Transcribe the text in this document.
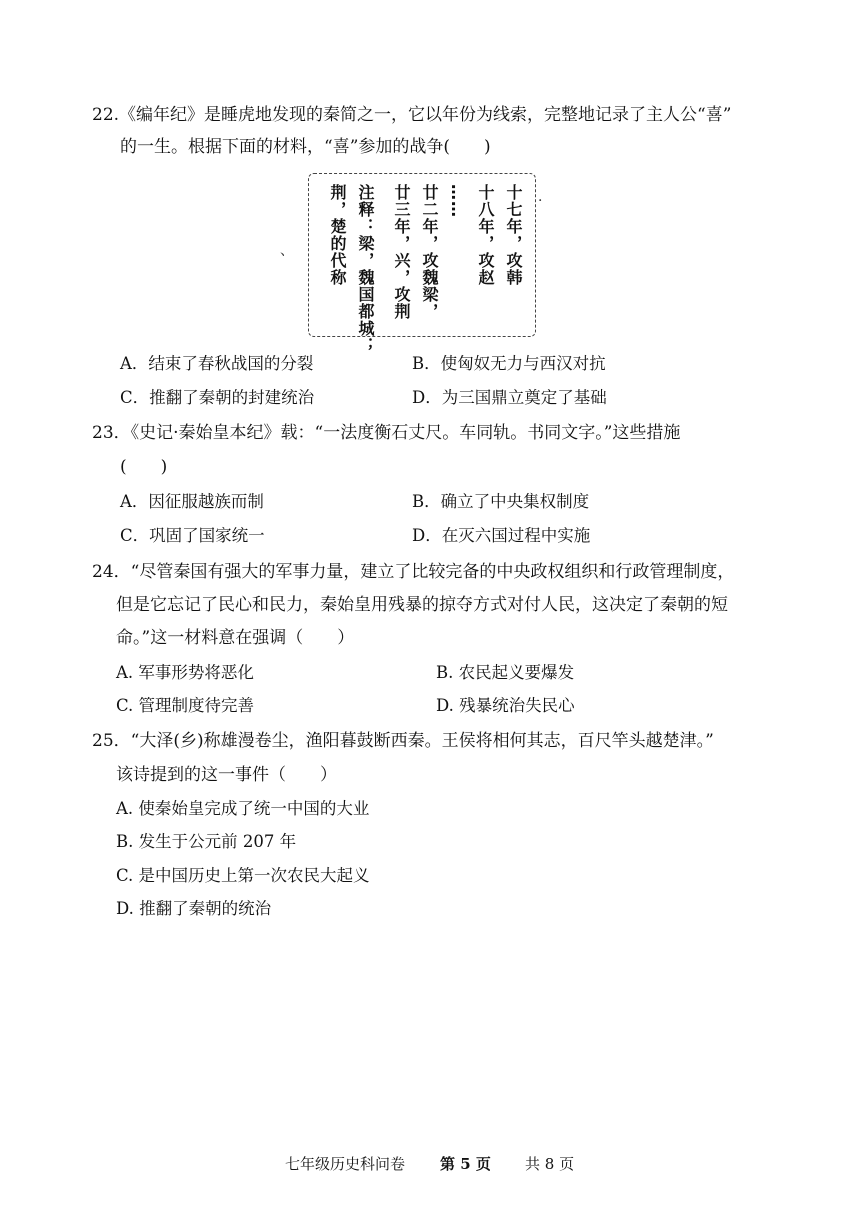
22.《编年纪》是睡虎地发现的秦简之一，它以年份为线索，完整地记录了主人公“喜”
的一生。根据下面的材料，“喜”参加的战争(　　)
十七年，攻韩
十八年，攻赵
……
廿二年，攻魏梁，
廿三年，兴，攻荆
注释：梁，魏国都城；
荆，楚的代称
、
·
A．结束了春秋战国的分裂	B．使匈奴无力与西汉对抗
C．推翻了秦朝的封建统治	D．为三国鼎立奠定了基础
23．《史记·秦始皇本纪》载：“一法度衡石丈尺。车同轨。书同文字。”这些措施
(　　)
A．因征服越族而制	B．确立了中央集权制度
C．巩固了国家统一	D．在灭六国过程中实施
24．“尽管秦国有强大的军事力量，建立了比较完备的中央政权组织和行政管理制度，
但是它忘记了民心和民力，秦始皇用残暴的掠夺方式对付人民，这决定了秦朝的短
命。”这一材料意在强调（　　）
A. 军事形势将恶化	B. 农民起义要爆发
C. 管理制度待完善	D. 残暴统治失民心
25．“大泽(乡)称雄漫卷尘，渔阳暮鼓断西秦。王侯将相何其志，百尺竿头越楚津。”
该诗提到的这一事件（　　）
A. 使秦始皇完成了统一中国的大业
B. 发生于公元前 207 年
C. 是中国历史上第一次农民大起义
D. 推翻了秦朝的统治
七年级历史科问卷 第 5 页 共 8 页
